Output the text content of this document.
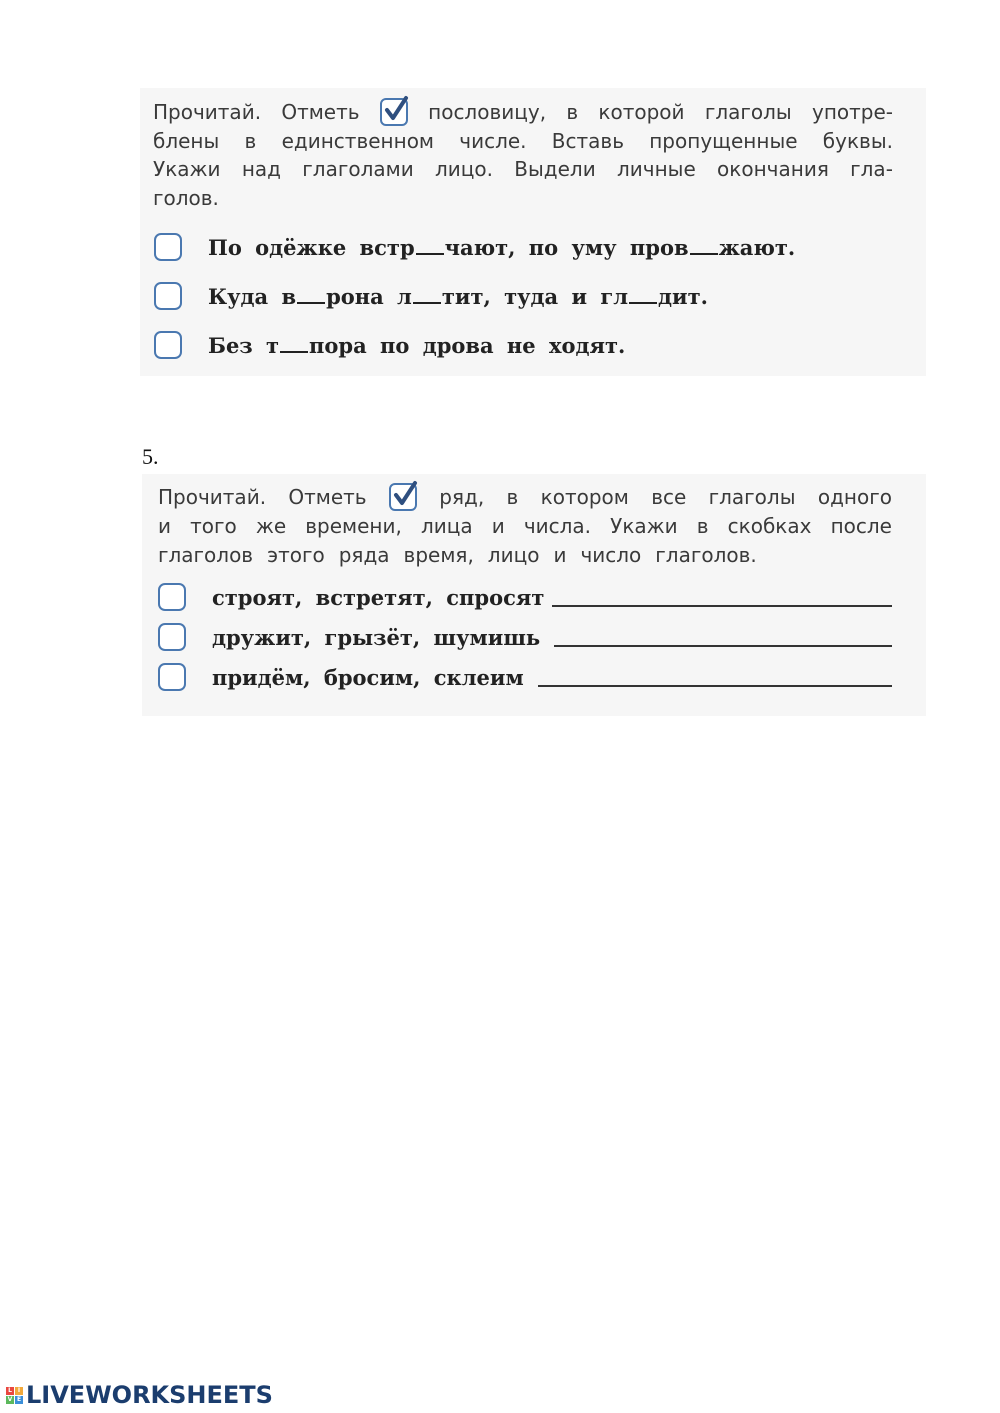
Прочитай. Отметь	пословицу, в которой глаголы употре-
блены в единственном числе. Вставь пропущенные буквы.
Укажи над глаголами лицо. Выдели личные окончания гла-
голов.
По одёжке встр чают, по уму пров жают.
Куда в рона л тит, туда и гл дит.
Без т пора по дрова не ходят.
5.
Прочитай. Отметь	ряд, в котором все глаголы одного
и того же времени, лица и числа. Укажи в скобках после
глаголов этого ряда время, лицо и число глаголов.
строят, встретят, спросят
дружит, грызёт, шумишь
придём, бросим, склеим
L I
V E LIVEWORKSHEETS
